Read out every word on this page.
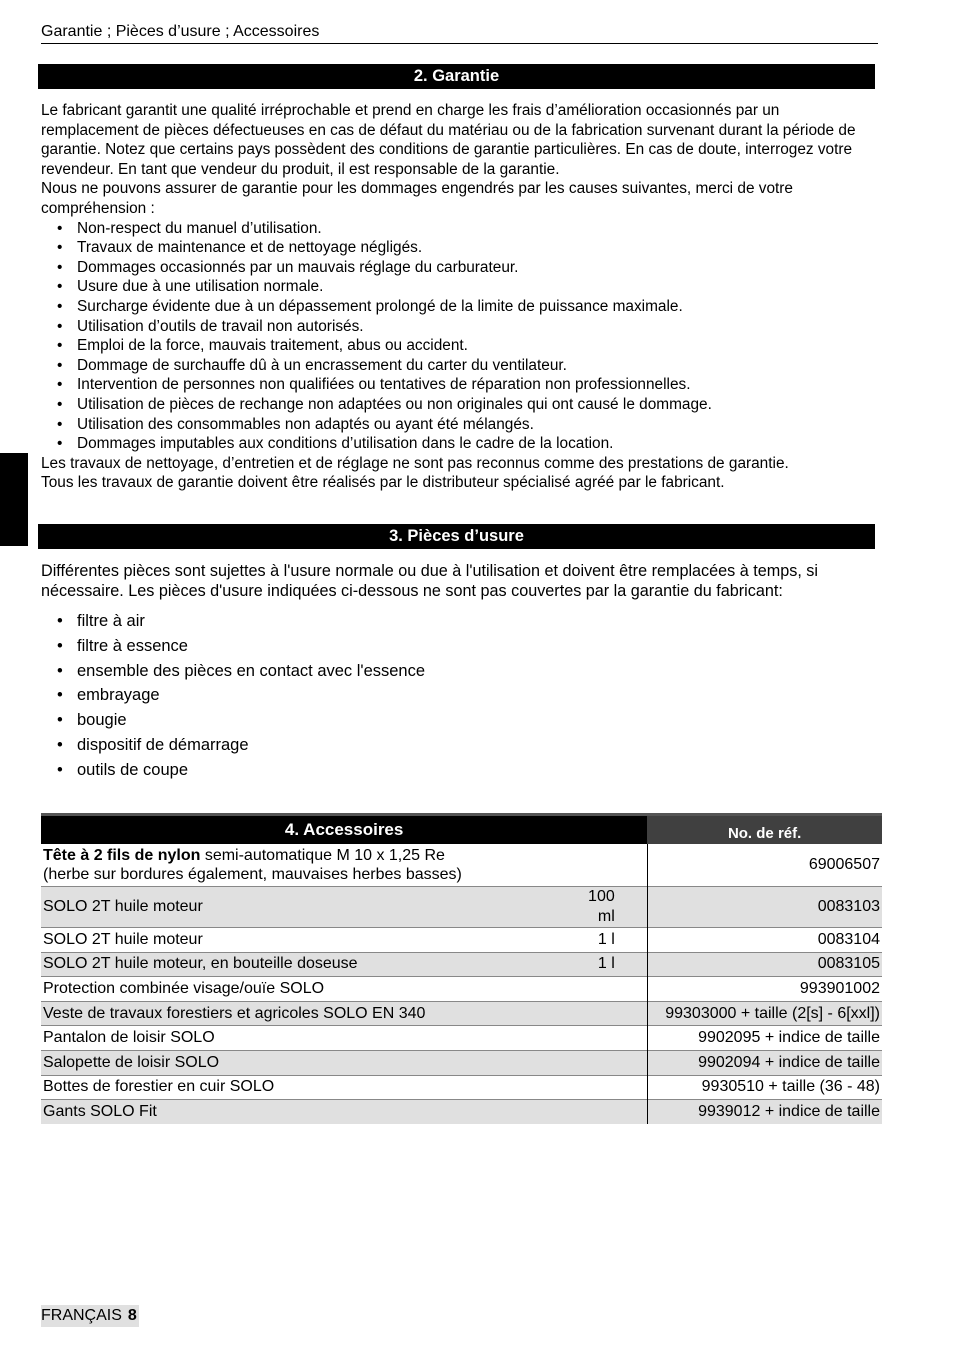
Garantie ; Pièces d’usure ; Accessoires
2. Garantie

Le fabricant garantit une qualité irréprochable et prend en charge les frais d’amélioration occasionnés par un remplacement de pièces défectueuses en cas de défaut du matériau ou de la fabrication survenant durant la période de garantie. Notez que certains pays possèdent des conditions de garantie particulières. En cas de doute, interrogez votre revendeur. En tant que vendeur du produit, il est responsable de la garantie.

Nous ne pouvons assurer de garantie pour les dommages engendrés par les causes suivantes, merci de votre compréhension :

• Non-respect du manuel d’utilisation.
• Travaux de maintenance et de nettoyage négligés.
• Dommages occasionnés par un mauvais réglage du carburateur.
• Usure due à une utilisation normale.
• Surcharge évidente due à un dépassement prolongé de la limite de puissance maximale.
• Utilisation d’outils de travail non autorisés.
• Emploi de la force, mauvais traitement, abus ou accident.
• Dommage de surchauffe dû à un encrassement du carter du ventilateur.
• Intervention de personnes non qualifiées ou tentatives de réparation non professionnelles.
• Utilisation de pièces de rechange non adaptées ou non originales qui ont causé le dommage.
• Utilisation des consommables non adaptés ou ayant été mélangés.
• Dommages imputables aux conditions d’utilisation dans le cadre de la location.

Les travaux de nettoyage, d’entretien et de réglage ne sont pas reconnus comme des prestations de garantie.

Tous les travaux de garantie doivent être réalisés par le distributeur spécialisé agréé par le fabricant.

3. Pièces d’usure
Différentes pièces sont sujettes à l'usure normale ou due à l'utilisation et doivent être remplacées à temps, si nécessaire. Les pièces d'usure indiquées ci-dessous ne sont pas couvertes par la garantie du fabricant:
• filtre à air
• filtre à essence
• ensemble des pièces en contact avec l'essence
• embrayage
• bougie
• dispositif de démarrage
• outils de coupe
4. Accessoires		No. de réf.
Tête à 2 fils de nylon semi-automatique M 10 x 1,25 Re
(herbe sur bordures également, mauvaises herbes basses)		69006507
SOLO 2T huile moteur	100 ml	0083103
SOLO 2T huile moteur	1 l	0083104
SOLO 2T huile moteur, en bouteille doseuse	1 l	0083105
Protection combinée visage/ouïe SOLO		993901002
Veste de travaux forestiers et agricoles SOLO EN 340		99303000 + taille (2[s] - 6[xxl])
Pantalon de loisir SOLO		9902095 + indice de taille
Salopette de loisir SOLO		9902094 + indice de taille
Bottes de forestier en cuir SOLO		9930510 + taille (36 - 48)
Gants SOLO Fit		9939012 + indice de taille
FRANÇAIS 8
